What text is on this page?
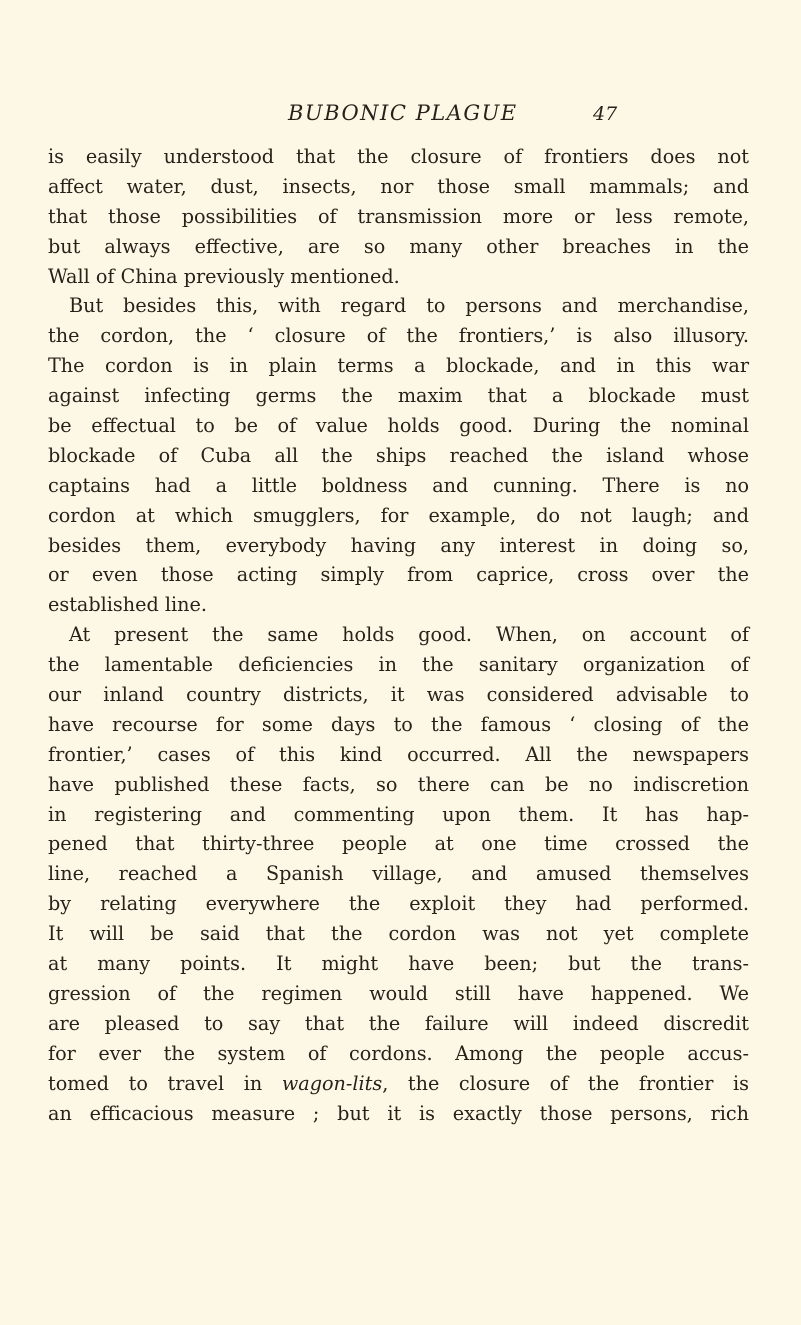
BUBONIC PLAGUE	47
is easily understood that the closure of frontiers does not
affect water, dust, insects, nor those small mammals; and
that those possibilities of transmission more or less remote,
but always effective, are so many other breaches in the
Wall of China previously mentioned.
But besides this, with regard to persons and merchandise,
the cordon, the ‘ closure of the frontiers,’ is also illusory.
The cordon is in plain terms a blockade, and in this war
against infecting germs the maxim that a blockade must
be effectual to be of value holds good. During the nominal
blockade of Cuba all the ships reached the island whose
captains had a little boldness and cunning. There is no
cordon at which smugglers, for example, do not laugh; and
besides them, everybody having any interest in doing so,
or even those acting simply from caprice, cross over the
established line.
At present the same holds good. When, on account of
the lamentable deficiencies in the sanitary organization of
our inland country districts, it was considered advisable to
have recourse for some days to the famous ‘ closing of the
frontier,’ cases of this kind occurred. All the newspapers
have published these facts, so there can be no indiscretion
in registering and commenting upon them. It has hap-
pened that thirty-three people at one time crossed the
line, reached a Spanish village, and amused themselves
by relating everywhere the exploit they had performed.
It will be said that the cordon was not yet complete
at many points. It might have been; but the trans-
gression of the regimen would still have happened. We
are pleased to say that the failure will indeed discredit
for ever the system of cordons. Among the people accus-
tomed to travel in wagon-lits, the closure of the frontier is
an efficacious measure ; but it is exactly those persons, rich
